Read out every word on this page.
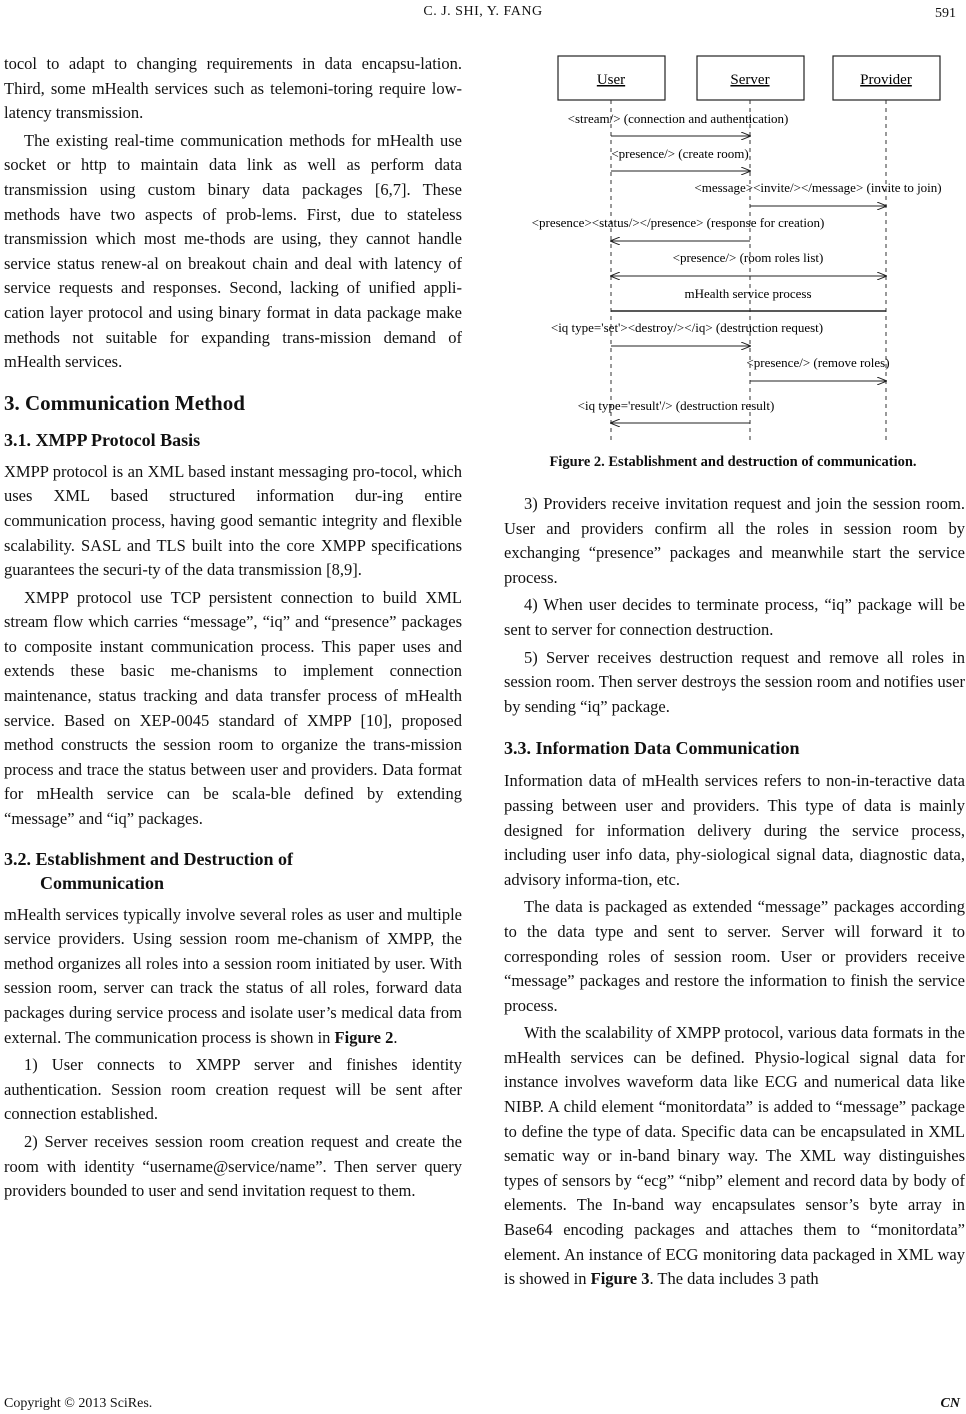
C. J. SHI, Y. FANG	591

tocol to adapt to changing requirements in data encapsu-lation. Third, some mHealth services such as telemoni-toring require low-latency transmission.

The existing real-time communication methods for mHealth use socket or http to maintain data link as well as perform data transmission using custom binary data packages [6,7]. These methods have two aspects of prob-lems. First, due to stateless transmission which most me-thods are using, they cannot handle service status renew-al on breakout chain and deal with latency of service requests and responses. Second, lacking of unified appli-cation layer protocol and using binary format in data package make methods not suitable for expanding trans-mission demand of mHealth services.

3. Communication Method
3.1. XMPP Protocol Basis

XMPP protocol is an XML based instant messaging pro-tocol, which uses XML based structured information dur-ing entire communication process, having good semantic integrity and flexible scalability. SASL and TLS built into the core XMPP specifications guarantees the securi-ty of the data transmission [8,9].

XMPP protocol use TCP persistent connection to build XML stream flow which carries “message”, “iq” and “presence” packages to composite instant communication process. This paper uses and extends these basic me-chanisms to implement connection maintenance, status tracking and data transfer process of mHealth service. Based on XEP-0045 standard of XMPP [10], proposed method constructs the session room to organize the trans-mission process and trace the status between user and providers. Data format for mHealth service can be scala-ble defined by extending “message” and “iq” packages.

3.2. Establishment and Destruction of
Communication

mHealth services typically involve several roles as user and multiple service providers. Using session room me-chanism of XMPP, the method organizes all roles into a session room initiated by user. With session room, server can track the status of all roles, forward data packages during service process and isolate user’s medical data from external. The communication process is shown in Figure 2.

1) User connects to XMPP server and finishes identity authentication. Session room creation request will be sent after connection established.

2) Server receives session room creation request and create the room with identity “username@service/name”. Then server query providers bounded to user and send invitation request to them.

User	Server	Provider
<stream/> (connection and authentication)
<presence/> (create room)
<message><invite/></message> (invite to join)
<presence><status/></presence> (response for creation)
<presence/> (room roles list)
mHealth service process
<iq type='set'><destroy/></iq> (destruction request)
<presence/> (remove roles)
<iq type='result'/> (destruction result)
Figure 2. Establishment and destruction of communication.

3) Providers receive invitation request and join the session room. User and providers confirm all the roles in session room by exchanging “presence” packages and meanwhile start the service process.

4) When user decides to terminate process, “iq” package will be sent to server for connection destruction.

5) Server receives destruction request and remove all roles in session room. Then server destroys the session room and notifies user by sending “iq” package.

3.3. Information Data Communication

Information data of mHealth services refers to non-in-teractive data passing between user and providers. This type of data is mainly designed for information delivery during the service process, including user info data, phy-siological signal data, diagnostic data, advisory informa-tion, etc.

The data is packaged as extended “message” packages according to the data type and sent to server. Server will forward it to corresponding roles of session room. User or providers receive “message” packages and restore the information to finish the service process.

With the scalability of XMPP protocol, various data formats in the mHealth services can be defined. Physio-logical signal data for instance involves waveform data like ECG and numerical data like NIBP. A child element “monitordata” is added to “message” package to define the type of data. Specific data can be encapsulated in XML sematic way or in-band binary way. The XML way distinguishes types of sensors by “ecg” “nibp” element and record data by body of elements. The In-band way encapsulates sensor’s byte array in Base64 encoding packages and attaches them to “monitordata” element. An instance of ECG monitoring data packaged in XML way is showed in Figure 3. The data includes 3 path

Copyright © 2013 SciRes.	CN
